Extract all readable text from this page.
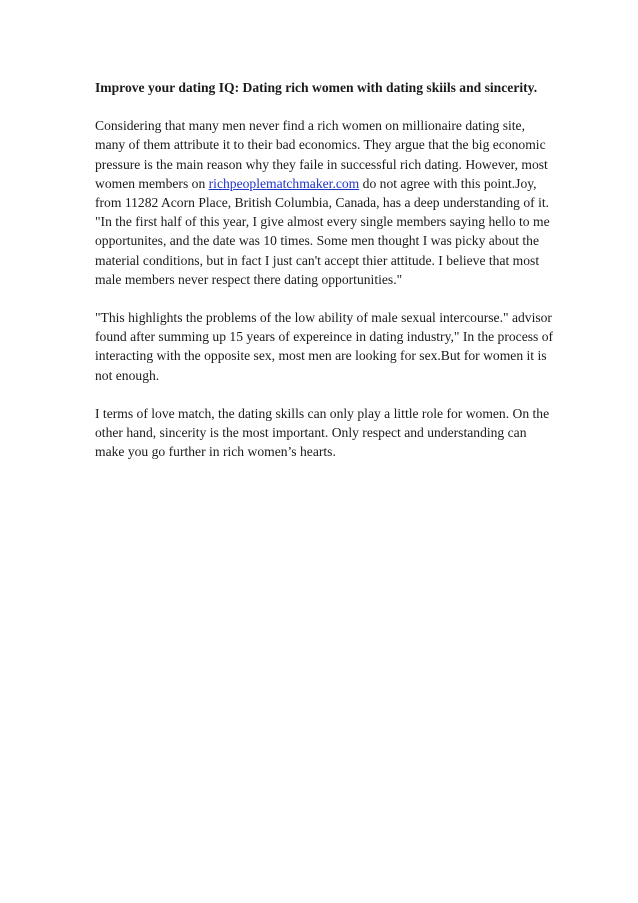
Improve your dating IQ: Dating rich women with dating skiils and sincerity.

Considering that many men never find a rich women on millionaire dating site, many of them attribute it to their bad economics. They argue that the big economic pressure is the main reason why they faile in successful rich dating. However, most women members on richpeoplematchmaker.com do not agree with this point.Joy, from 11282 Acorn Place, British Columbia, Canada, has a deep understanding of it. "In the first half of this year, I give almost every single members saying hello to me opportunites, and the date was 10 times. Some men thought I was picky about the material conditions, but in fact I just can't accept thier attitude. I believe that most male members never respect there dating opportunities."

"This highlights the problems of the low ability of male sexual intercourse." advisor found after summing up 15 years of expereince in dating industry," In the process of interacting with the opposite sex, most men are looking for sex.But for women it is not enough.

I terms of love match, the dating skills can only play a little role for women. On the other hand, sincerity is the most important. Only respect and understanding can make you go further in rich women’s hearts.
